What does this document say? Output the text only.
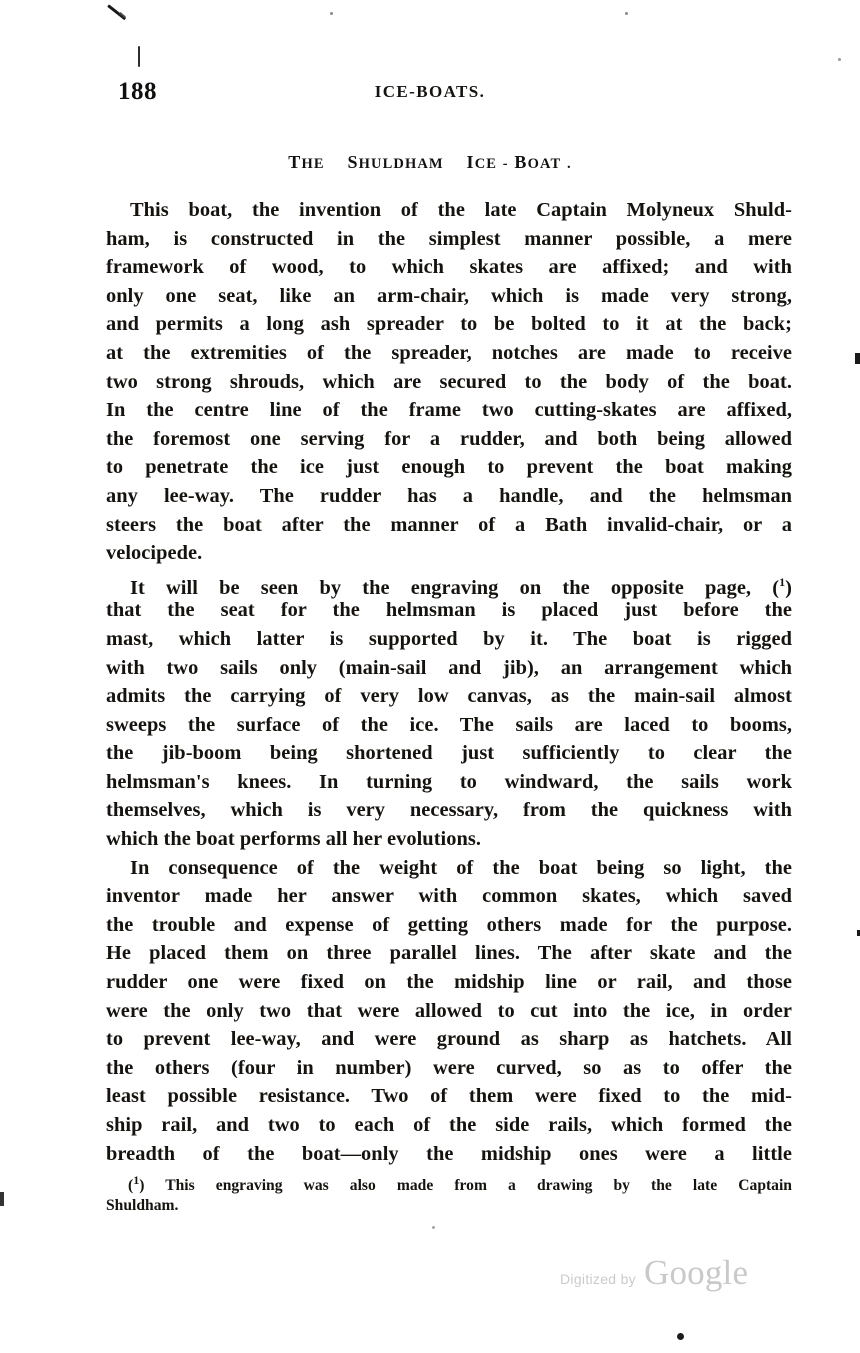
188	ICE-BOATS.
THE SHULDHAM ICE - BOAT .
This boat, the invention of the late Captain Molyneux Shuld-
ham, is constructed in the simplest manner possible, a mere
framework of wood, to which skates are affixed; and with
only one seat, like an arm-chair, which is made very strong,
and permits a long ash spreader to be bolted to it at the back;
at the extremities of the spreader, notches are made to receive
two strong shrouds, which are secured to the body of the boat.
In the centre line of the frame two cutting-skates are affixed,
the foremost one serving for a rudder, and both being allowed
to penetrate the ice just enough to prevent the boat making
any lee-way. The rudder has a handle, and the helmsman
steers the boat after the manner of a Bath invalid-chair, or a
velocipede.
It will be seen by the engraving on the opposite page, ($^1$)
that the seat for the helmsman is placed just before the
mast, which latter is supported by it. The boat is rigged
with two sails only (main-sail and jib), an arrangement which
admits the carrying of very low canvas, as the main-sail almost
sweeps the surface of the ice. The sails are laced to booms,
the jib-boom being shortened just sufficiently to clear the
helmsman's knees. In turning to windward, the sails work
themselves, which is very necessary, from the quickness with
which the boat performs all her evolutions.
In consequence of the weight of the boat being so light, the
inventor made her answer with common skates, which saved
the trouble and expense of getting others made for the purpose.
He placed them on three parallel lines. The after skate and the
rudder one were fixed on the midship line or rail, and those
were the only two that were allowed to cut into the ice, in order
to prevent lee-way, and were ground as sharp as hatchets. All
the others (four in number) were curved, so as to offer the
least possible resistance. Two of them were fixed to the mid-
ship rail, and two to each of the side rails, which formed the
breadth of the boat—only the midship ones were a little
($^1$) This engraving was also made from a drawing by the late Captain
Shuldham.
Digitized by Google
